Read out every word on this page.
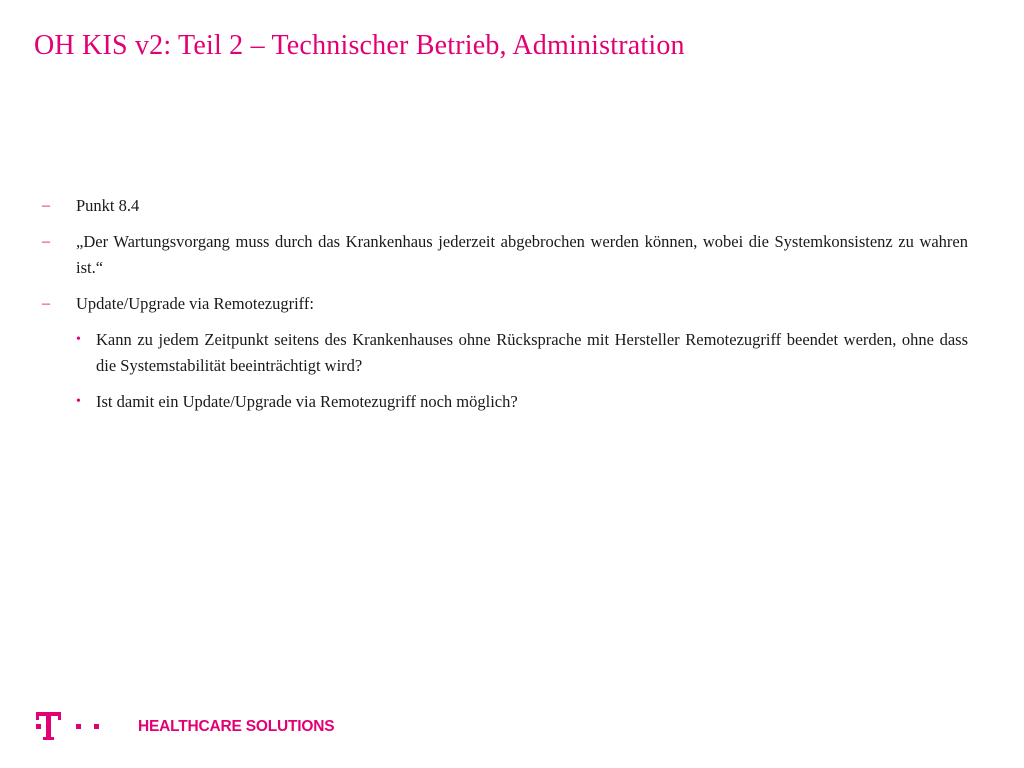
OH KIS v2: Teil 2 – Technischer Betrieb, Administration
– Punkt 8.4
– „Der Wartungsvorgang muss durch das Krankenhaus jederzeit abgebrochen werden können, wobei die Systemkonsistenz zu wahren ist.“
– Update/Upgrade via Remotezugriff:
• Kann zu jedem Zeitpunkt seitens des Krankenhauses ohne Rücksprache mit Hersteller Remotezugriff beendet werden, ohne dass die Systemstabilität beeinträchtigt wird?
• Ist damit ein Update/Upgrade via Remotezugriff noch möglich?
HEALTHCARE SOLUTIONS
